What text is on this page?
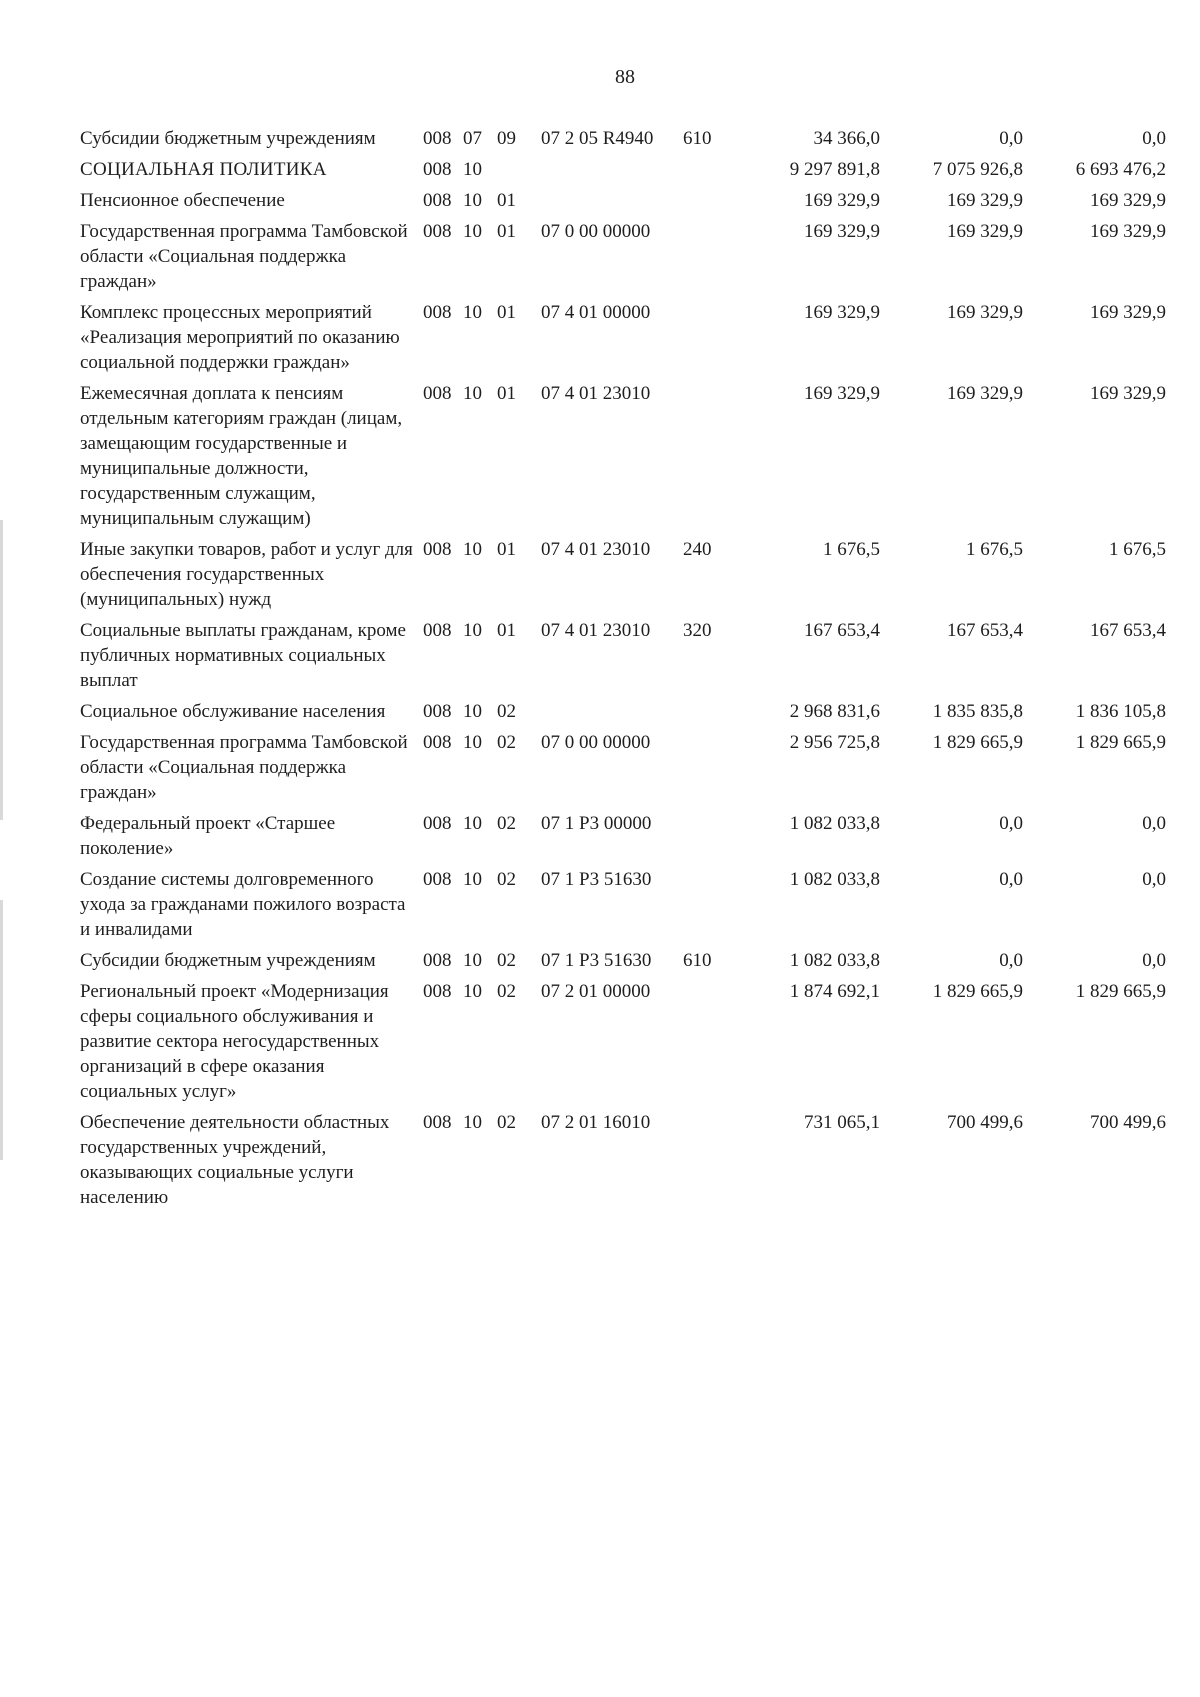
88
Субсидии бюджетным учреждениям	008	07	09	07 2 05 R4940	610	34 366,0	0,0	0,0
СОЦИАЛЬНАЯ ПОЛИТИКА	008	10				9 297 891,8	7 075 926,8	6 693 476,2
Пенсионное обеспечение	008	10	01			169 329,9	169 329,9	169 329,9
Государственная программа Тамбовской области «Социальная поддержка граждан»	008	10	01	07 0 00 00000		169 329,9	169 329,9	169 329,9
Комплекс процессных мероприятий «Реализация мероприятий по оказанию социальной поддержки граждан»	008	10	01	07 4 01 00000		169 329,9	169 329,9	169 329,9
Ежемесячная доплата к пенсиям отдельным категориям граждан (лицам, замещающим государственные и муниципальные должности, государственным служащим, муниципальным служащим)	008	10	01	07 4 01 23010		169 329,9	169 329,9	169 329,9
Иные закупки товаров, работ и услуг для обеспечения государственных (муниципальных) нужд	008	10	01	07 4 01 23010	240	1 676,5	1 676,5	1 676,5
Социальные выплаты гражданам, кроме публичных нормативных социальных выплат	008	10	01	07 4 01 23010	320	167 653,4	167 653,4	167 653,4
Социальное обслуживание населения	008	10	02			2 968 831,6	1 835 835,8	1 836 105,8
Государственная программа Тамбовской области «Социальная поддержка граждан»	008	10	02	07 0 00 00000		2 956 725,8	1 829 665,9	1 829 665,9
Федеральный проект «Старшее поколение»	008	10	02	07 1 Р3 00000		1 082 033,8	0,0	0,0
Создание системы долговременного ухода за гражданами пожилого возраста и инвалидами	008	10	02	07 1 Р3 51630		1 082 033,8	0,0	0,0
Субсидии бюджетным учреждениям	008	10	02	07 1 Р3 51630	610	1 082 033,8	0,0	0,0
Региональный проект «Модернизация сферы социального обслуживания и развитие сектора негосударственных организаций в сфере оказания социальных услуг»	008	10	02	07 2 01 00000		1 874 692,1	1 829 665,9	1 829 665,9
Обеспечение деятельности областных государственных учреждений, оказывающих социальные услуги населению	008	10	02	07 2 01 16010		731 065,1	700 499,6	700 499,6
